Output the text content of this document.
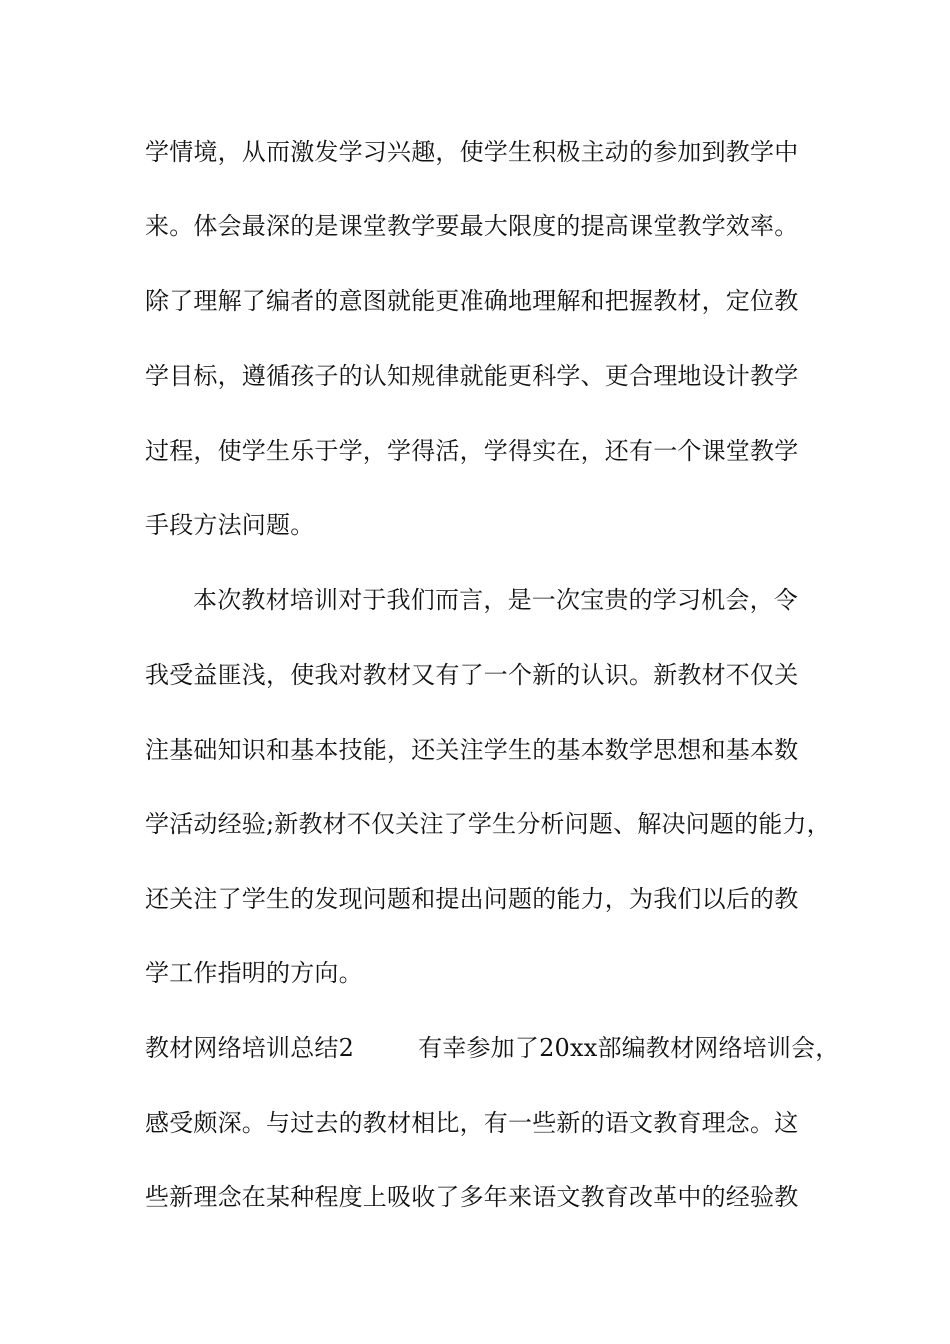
学情境，从而激发学习兴趣，使学生积极主动的参加到教学中
来。体会最深的是课堂教学要最大限度的提高课堂教学效率。
除了理解了编者的意图就能更准确地理解和把握教材，定位教
学目标，遵循孩子的认知规律就能更科学、更合理地设计教学
过程，使学生乐于学，学得活，学得实在，还有一个课堂教学
手段方法问题。
本次教材培训对于我们而言，是一次宝贵的学习机会，令
我受益匪浅，使我对教材又有了一个新的认识。新教材不仅关
注基础知识和基本技能，还关注学生的基本数学思想和基本数
学活动经验;新教材不仅关注了学生分析问题、解决问题的能力，
还关注了学生的发现问题和提出问题的能力，为我们以后的教
学工作指明的方向。
教材网络培训总结2	有幸参加了20xx部编教材网络培训会，
感受颇深。与过去的教材相比，有一些新的语文教育理念。这
些新理念在某种程度上吸收了多年来语文教育改革中的经验教
